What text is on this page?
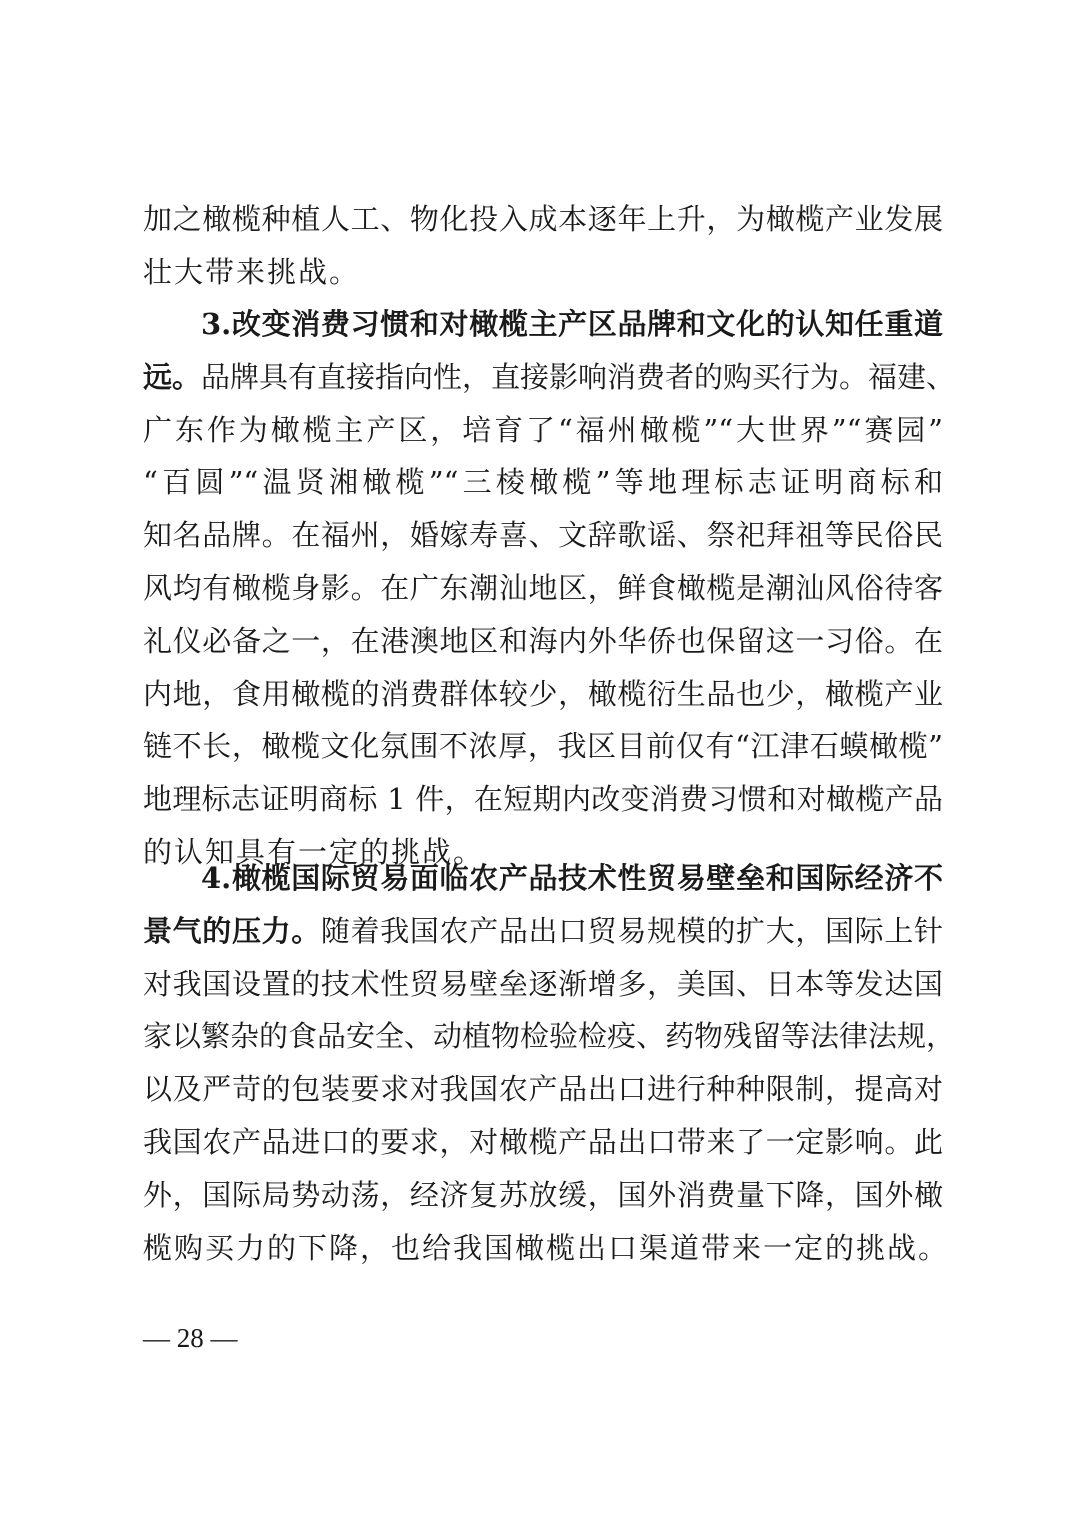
加之橄榄种植人工、物化投入成本逐年上升，为橄榄产业发展
壮大带来挑战。
3.改变消费习惯和对橄榄主产区品牌和文化的认知任重道
远。品牌具有直接指向性，直接影响消费者的购买行为。福建、
广东作为橄榄主产区，培育了“福州橄榄”“大世界”“赛园”
“百圆”“温贤湘橄榄”“三棱橄榄”等地理标志证明商标和
知名品牌。在福州，婚嫁寿喜、文辞歌谣、祭祀拜祖等民俗民
风均有橄榄身影。在广东潮汕地区，鲜食橄榄是潮汕风俗待客
礼仪必备之一，在港澳地区和海内外华侨也保留这一习俗。在
内地，食用橄榄的消费群体较少，橄榄衍生品也少，橄榄产业
链不长，橄榄文化氛围不浓厚，我区目前仅有“江津石蟆橄榄”
地理标志证明商标 1 件，在短期内改变消费习惯和对橄榄产品
的认知具有一定的挑战。
4.橄榄国际贸易面临农产品技术性贸易壁垒和国际经济不
景气的压力。随着我国农产品出口贸易规模的扩大，国际上针
对我国设置的技术性贸易壁垒逐渐增多，美国、日本等发达国
家以繁杂的食品安全、动植物检验检疫、药物残留等法律法规，
以及严苛的包装要求对我国农产品出口进行种种限制，提高对
我国农产品进口的要求，对橄榄产品出口带来了一定影响。此
外，国际局势动荡，经济复苏放缓，国外消费量下降，国外橄
榄购买力的下降，也给我国橄榄出口渠道带来一定的挑战。
— 28 —
